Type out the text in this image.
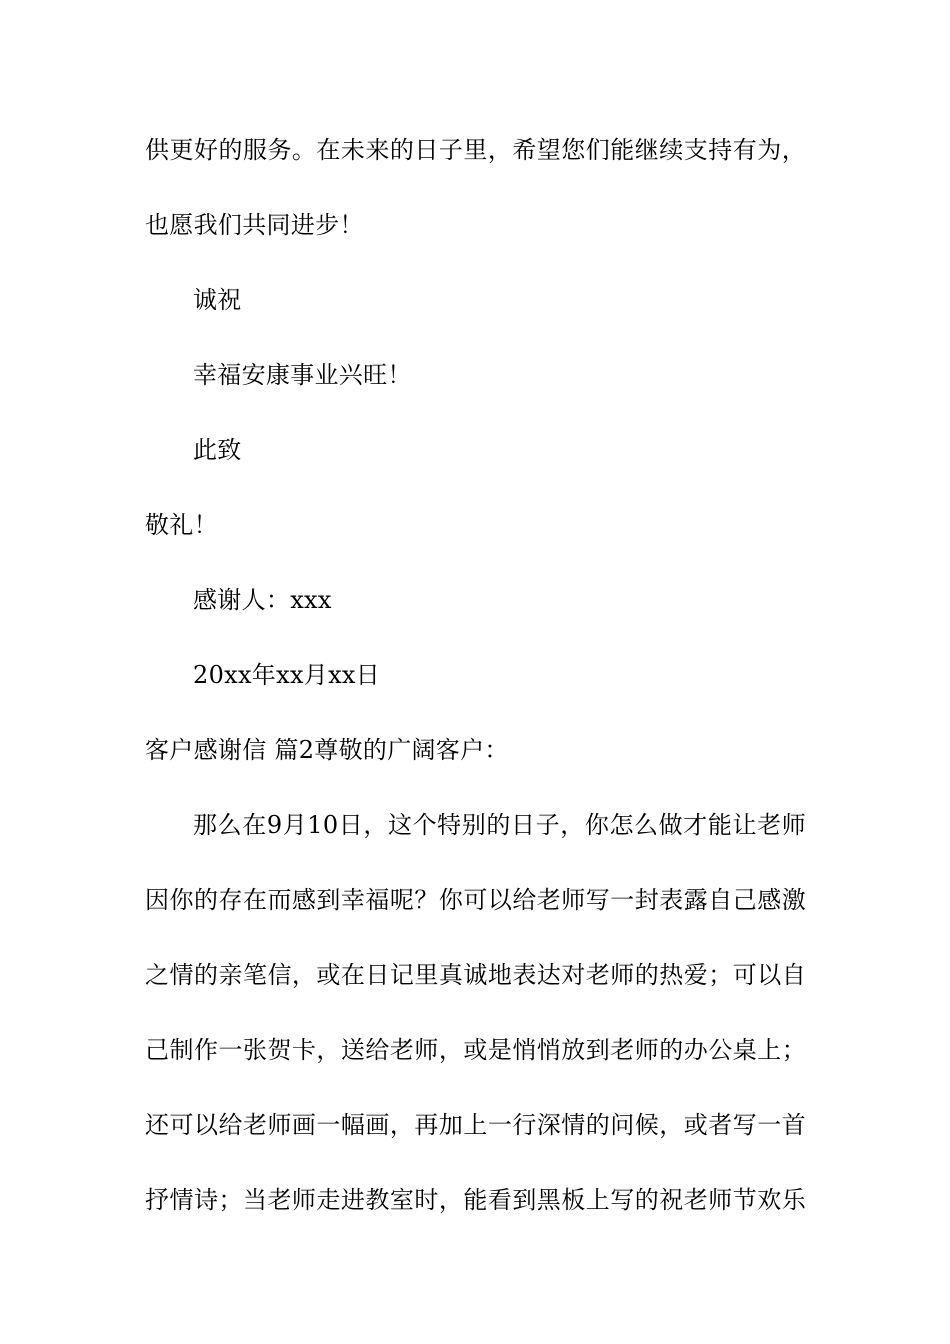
供更好的服务。在未来的日子里，希望您们能继续支持有为，
也愿我们共同进步！
诚祝
幸福安康事业兴旺！
此致
敬礼！
感谢人：xxx
20xx年xx月xx日
客户感谢信 篇2尊敬的广阔客户：
那么在9月10日，这个特别的日子，你怎么做才能让老师
因你的存在而感到幸福呢？你可以给老师写一封表露自己感激
之情的亲笔信，或在日记里真诚地表达对老师的热爱；可以自
己制作一张贺卡，送给老师，或是悄悄放到老师的办公桌上；
还可以给老师画一幅画，再加上一行深情的问候，或者写一首
抒情诗；当老师走进教室时，能看到黑板上写的祝老师节欢乐
